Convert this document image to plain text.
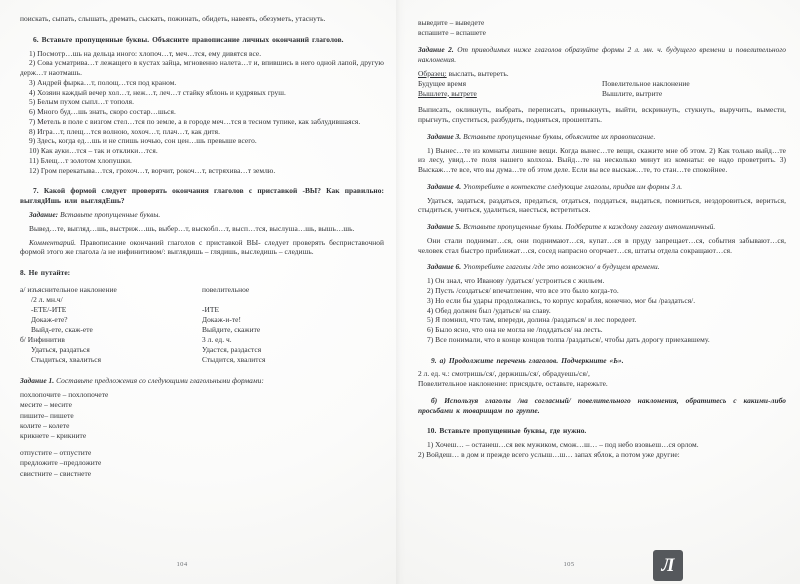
поискать, сыпать, слышать, дремать, сыскать, пожинать, обидеть, навеять, обезуметь, утаснуть.

6. Вставьте пропущенные буквы. Объясните правописание личных окончаний глаголов.

1) Посмотр…шь на дельца иного: хлопоч…т, меч…тся, ему дивятся все.

2) Сова усматрива…т лежащего в кустах зайца, мгновенно налета…т и, впившись в него одной лапой, другую держ…т наотмашь.

3) Андрей фырка…т, полощ…тся под краном.

4) Хозяин каждый вечер хол…т, неж…т, леч…т стайку яблонь и кудрявых груш.

5) Белым пухом сыпл…т тополя.

6) Много буд…шь знать, скоро состар…шься.

7) Метель в поле с визгом стел…тся по земле, а в городе меч…тся в тесном тупике, как заблудившаяся.

8) Игра…т, плещ…тся волною, хохоч…т, плач…т, как дитя.

9) Здесь, когда ед…шь и не спишь ночью, сон цен…шь превыше всего.

10) Как ауки…тся – так и отклики…тся.

11) Блещ…т золотом хлопушки.

12) Гром перекатыва…тся, грохоч…т, ворчит, рокоч…т, встряхива…т землю.

7. Какой формой следует проверять окончания глаголов с приставкой -ВЫ? Как правильно: выглядИшь или выглядЕшь?

Задание: Вставьте пропущенные буквы.

Вывед…те, выгляд…шь, выстриж…шь, выбер…т, выскобл…т, высп…тся, выслуша…шь, вышь…шь.

Комментарий. Правописание окончаний глаголов с приставкой ВЫ- следует проверять бесприставочной формой этого же глагола /а не инфинитивом/: выглядишь – глядишь, выследишь – следишь.

8. Не путайте:

а/ изъяснительное наклонение	повелительное
/2 л. мн.ч/
-ЕТЕ/-ИТЕ	-ИТЕ
Докаж-ете?	Докаж-и-те!
Выйд-ете, скаж-ете	Выйдите, скажите
б/ Инфинитив	3 л. ед. ч.
Удаться, раздаться	Удастся, раздастся
Стыдиться, хвалиться	Стыдится, хвалится

Задание 1. Составьте предложения со следующими глагольными формами:

похлопочите – похлопочете
месите – месите
пишите– пишете
колите – колете
крикнете – крикните
отпустите – отпустите
предложите –предложите
свистните – свистнете
104
выведите – выведете
вспашите – вспашете

Задание 2. От приводимых ниже глаголов образуйте формы 2 л. мн. ч. будущего времени и повелительного наклонения.

Образец: выслать, вытереть.

Будущее время	Повелительное наклонение
Вышлете, вытрете	Вышлите, вытрите

Выписать, окликнуть, выбрать, переписать, привыкнуть, выйти, вскрикнуть, стукнуть, выручить, вымести, прыгнуть, спуститься, разбудить, подняться, прошептать.

Задание 3. Вставьте пропущенные буквы, объясните их правописание.

1) Вынес…те из комнаты лишние вещи. Когда вынес…те вещи, скажите мне об этом. 2) Как только выйд…те из лесу, увид…те поля нашего колхоза. Выйд…те на несколько минут из комнаты: ее надо проветрить. 3) Выскаж…те все, что вы дума…те об этом деле. Если вы все выскаж…те, то стан…те спокойнее.

Задание 4. Употребите в контексте следующие глаголы, придав им формы 3 л.

Удаться, задаться, раздаться, предаться, отдаться, поддаться, выдаться, помниться, нездоровиться, вериться, стыдиться, учиться, удалиться, наесться, встретиться.

Задание 5. Вставьте пропущенные буквы. Подберите к каждому глаголу антонимичный.

Они стали поднимат…ся, они поднимают…ся, купат…ся в пруду запрещает…ся, события забывают…ся, человек стал быстро приближат…ся, сосед напрасно огорчает…ся, штаты отдела сокращают…ся.

Задание 6. Употребите глаголы /где это возможно/ в будущем времени.

1) Он знал, что Иванову /удаться/ устроиться с жильем.

2) Пусть /создаться/ впечатление, что все это было когда-то.

3) Но если бы удары продолжались, то корпус корабля, конечно, мог бы /раздаться/.

4) Обед должен был /удаться/ на славу.

5) Я помнил, что там, впереди, долина /раздаться/ и лес поредеет.

6) Было ясно, что она не могла не /поддаться/ на лесть.

7) Все понимали, что в конце концов толпа /раздаться/, чтобы дать дорогу приехавшему.

9. а) Продолжите перечень глаголов. Подчеркните «Ь».

2 л. ед. ч.: смотришь/ся/, держишь/ся/, обрадуешь/ся/,

Повелительное наклонение: присядьте, оставьте, нарежьте.

б) Используя глаголы /на согласный/ повелительного наклонения, обратитесь с какими-либо просьбами к товарищам по группе.

10. Вставьте пропущенные буквы, где нужно.

1) Хочеш… – останеш…ся век мужиком, смож…ш… – под небо взовьеш…ся орлом.

2) Войдеш… в дом и прежде всего услыш…ш… запах яблок, а потом уже другие:

105	Л
